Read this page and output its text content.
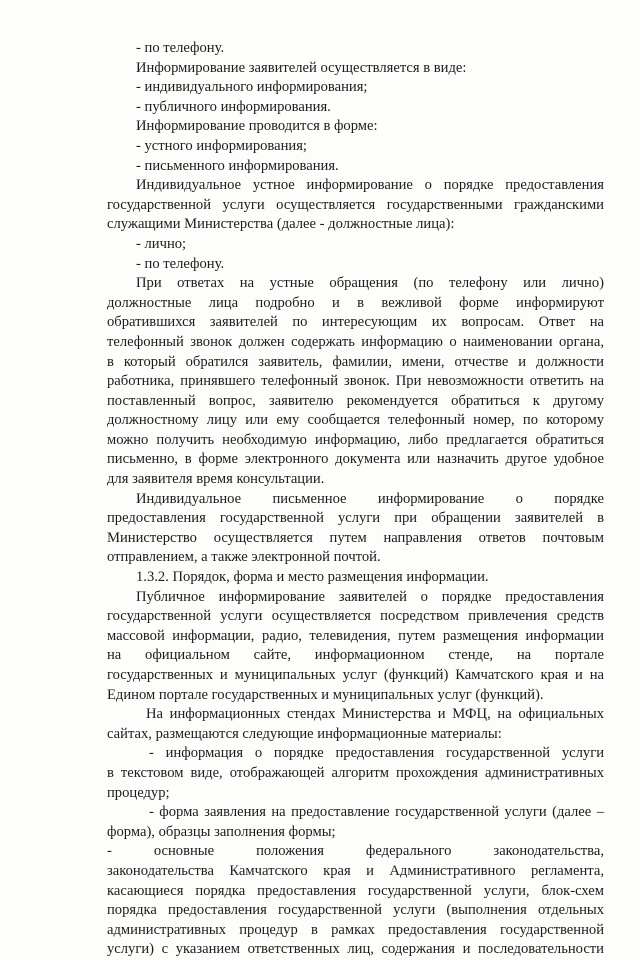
- по телефону.
Информирование заявителей осуществляется в виде:
- индивидуального информирования;
- публичного информирования.
Информирование проводится в форме:
- устного информирования;
- письменного информирования.
Индивидуальное устное информирование о порядке предоставления
государственной услуги осуществляется государственными гражданскими
служащими Министерства (далее - должностные лица):
- лично;
- по телефону.
При ответах на устные обращения (по телефону или лично)
должностные лица подробно и в вежливой форме информируют
обратившихся заявителей по интересующим их вопросам. Ответ на
телефонный звонок должен содержать информацию о наименовании органа,
в который обратился заявитель, фамилии, имени, отчестве и должности
работника, принявшего телефонный звонок. При невозможности ответить на
поставленный вопрос, заявителю рекомендуется обратиться к другому
должностному лицу или ему сообщается телефонный номер, по которому
можно получить необходимую информацию, либо предлагается обратиться
письменно, в форме электронного документа или назначить другое удобное
для заявителя время консультации.
Индивидуальное письменное информирование о порядке
предоставления государственной услуги при обращении заявителей в
Министерство осуществляется путем направления ответов почтовым
отправлением, а также электронной почтой.
1.3.2. Порядок, форма и место размещения информации.
Публичное информирование заявителей о порядке предоставления
государственной услуги осуществляется посредством привлечения средств
массовой информации, радио, телевидения, путем размещения информации
на официальном сайте, информационном стенде, на портале
государственных и муниципальных услуг (функций) Камчатского края и на
Едином портале государственных и муниципальных услуг (функций).
На информационных стендах Министерства и МФЦ, на официальных
сайтах, размещаются следующие информационные материалы:
- информация о порядке предоставления государственной услуги
в текстовом виде, отображающей алгоритм прохождения административных
процедур;
- форма заявления на предоставление государственной услуги (далее –
форма), образцы заполнения формы;
- основные положения федерального законодательства,
законодательства Камчатского края и Административного регламента,
касающиеся порядка предоставления государственной услуги, блок-схем
порядка предоставления государственной услуги (выполнения отдельных
административных процедур в рамках предоставления государственной
услуги) с указанием ответственных лиц, содержания и последовательности
